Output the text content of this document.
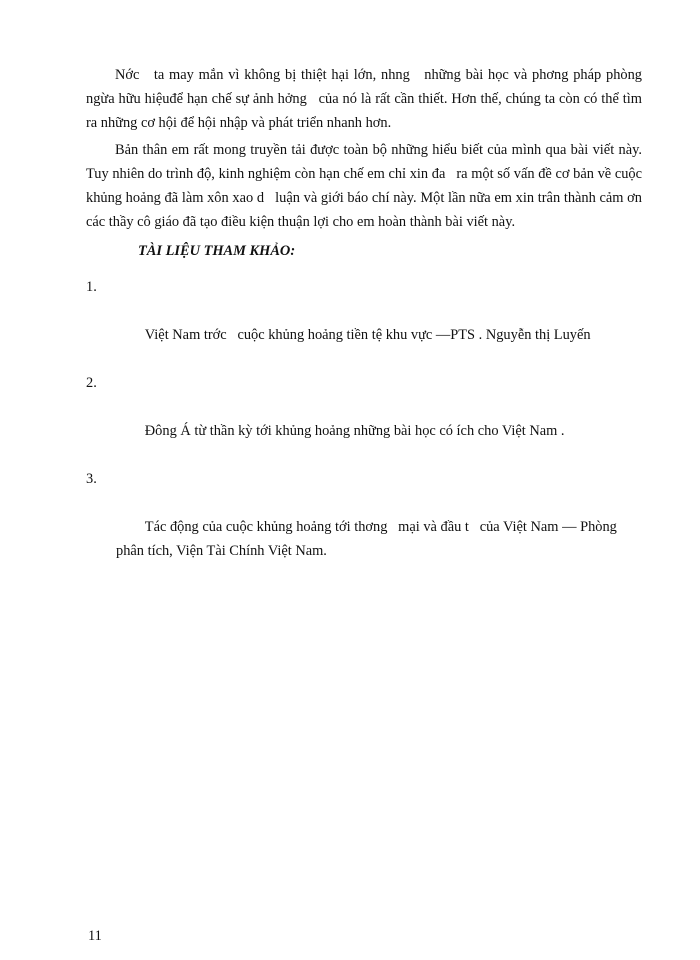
Nớc   ta may mắn vì không bị thiệt hại lớn, nhng   những bài học và phơng pháp phòng ngừa hữu hiệuđể hạn chế sự ảnh hởng   của nó là rất cần thiết. Hơn thế, chúng ta còn có thể tìm ra những cơ hội để hội nhập và phát triển nhanh hơn.

Bản thân em rất mong truyền tải được toàn bộ những hiểu biết của mình qua bài viết này. Tuy nhiên do trình độ, kinh nghiệm còn hạn chế em chỉ xin đa   ra một số vấn đề cơ bản về cuộc khủng hoảng đã làm xôn xao d   luận và giới báo chí này. Một lần nữa em xin trân thành cảm ơn các thầy cô giáo đã tạo điều kiện thuận lợi cho em hoàn thành bài viết này.

TÀI LIỆU THAM KHẢO:

1.

Việt Nam trớc   cuộc khủng hoảng tiền tệ khu vực —PTS . Nguyễn thị Luyến

2.

Đông Á từ thần kỳ tới khủng hoảng những bài học có ích cho Việt Nam .

3.

Tác động của cuộc khủng hoảng tới thơng   mại và đầu t   của Việt Nam — Phòng phân tích, Viện Tài Chính Việt Nam.

11
